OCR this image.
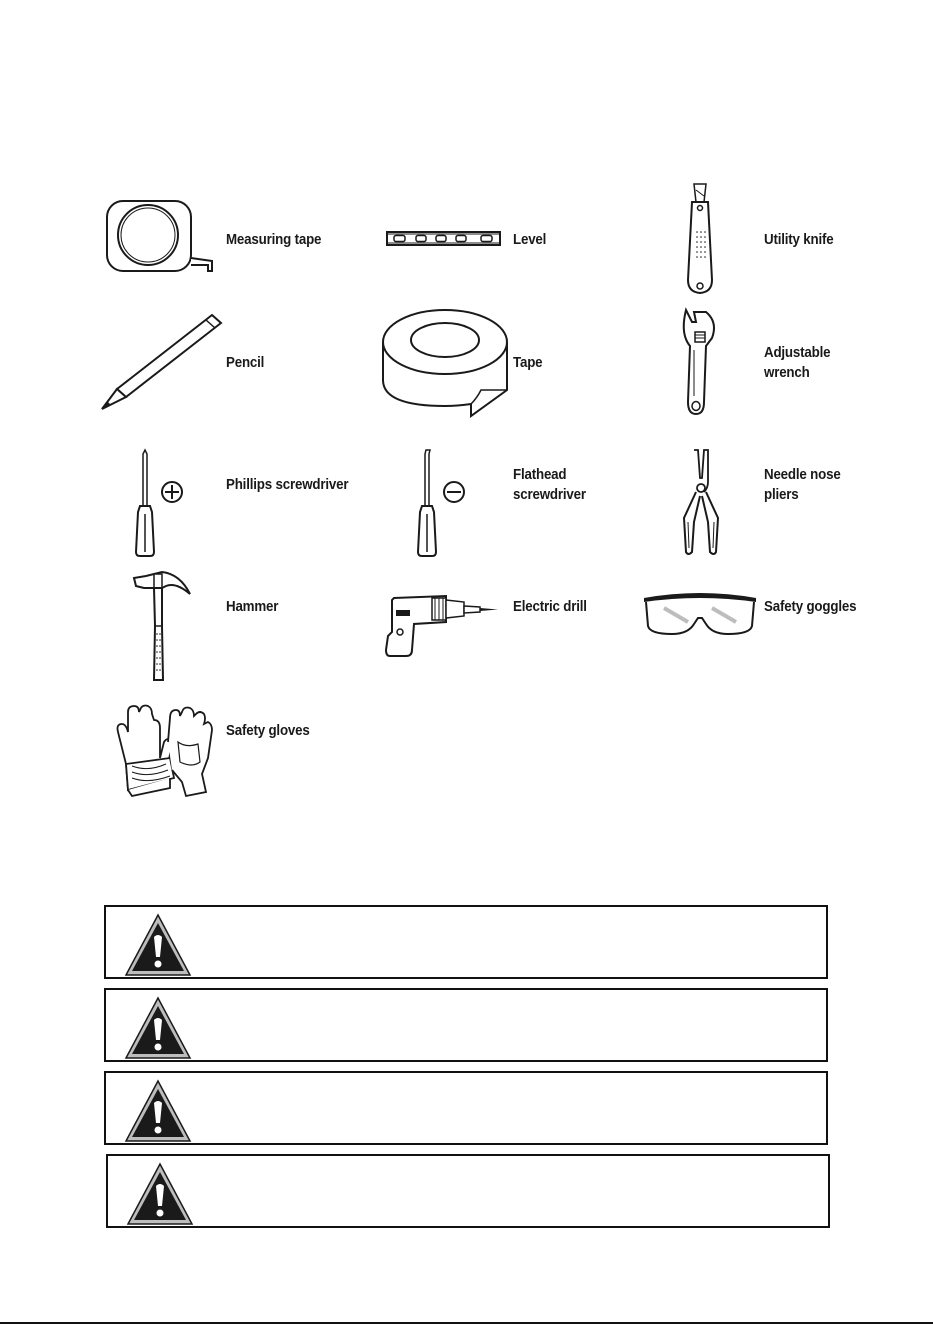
Measuring tape	Level	Utility knife
Pencil	Tape
Adjustable
wrench
Phillips screwdriver
Flathead
screwdriver
Needle nose
pliers
Hammer	Electric drill	Safety goggles
Safety gloves
